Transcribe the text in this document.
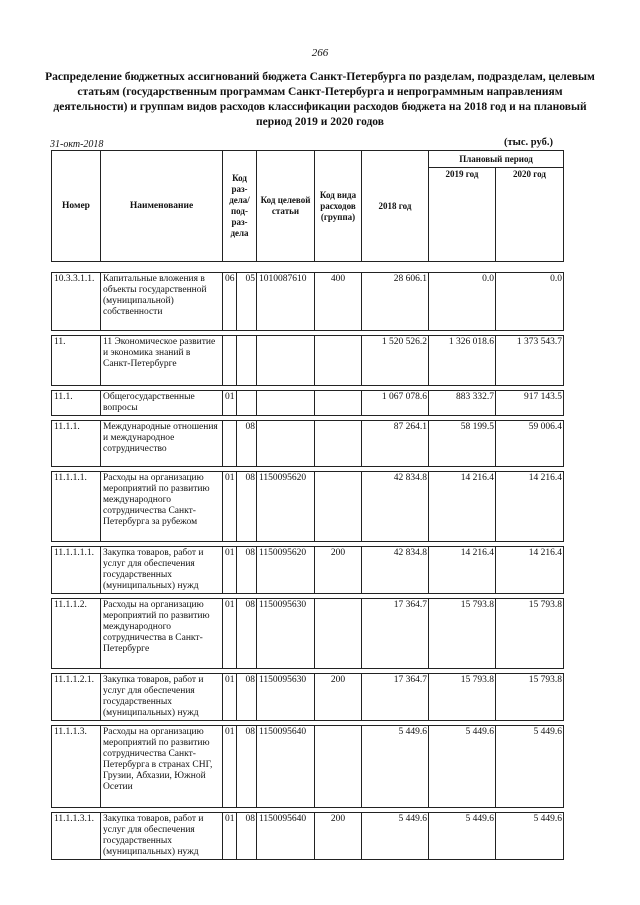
266
Распределение бюджетных ассигнований бюджета Санкт-Петербурга по разделам, подразделам, целевым статьям (государственным программам Санкт-Петербурга и непрограммным направлениям деятельности) и группам видов расходов классификации расходов бюджета на 2018 год и на плановый период 2019 и 2020 годов
31-окт-2018	(тыс. руб.)
Номер	Наименование	Код раз-дела/ под-раз-дела		Код целевой статьи	Код вида расходов (группа)	2018 год	Плановый период	
							2019 год	2020 год

10.3.3.1.1.	Капитальные вложения в объекты государственной (муниципальной) собственности	06	05	1010087610	400	28 606.1	0.0	0.0

11.	11 Экономическое развитие и экономика знаний в Санкт-Петербурге					1 520 526.2	1 326 018.6	1 373 543.7

11.1.	Общегосударственные вопросы	01				1 067 078.6	883 332.7	917 143.5

11.1.1.	Международные отношения и международное сотрудничество		08			87 264.1	58 199.5	59 006.4

11.1.1.1.	Расходы на организацию мероприятий по развитию международного сотрудничества Санкт-Петербурга за рубежом	01	08	1150095620		42 834.8	14 216.4	14 216.4

11.1.1.1.1.	Закупка товаров, работ и услуг для обеспечения государственных (муниципальных) нужд	01	08	1150095620	200	42 834.8	14 216.4	14 216.4

11.1.1.2.	Расходы на организацию мероприятий по развитию международного сотрудничества в Санкт-Петербурге	01	08	1150095630		17 364.7	15 793.8	15 793.8

11.1.1.2.1.	Закупка товаров, работ и услуг для обеспечения государственных (муниципальных) нужд	01	08	1150095630	200	17 364.7	15 793.8	15 793.8

11.1.1.3.	Расходы на организацию мероприятий по развитию сотрудничества Санкт-Петербурга в странах СНГ, Грузии, Абхазии, Южной Осетии	01	08	1150095640		5 449.6	5 449.6	5 449.6

11.1.1.3.1.	Закупка товаров, работ и услуг для обеспечения государственных (муниципальных) нужд	01	08	1150095640	200	5 449.6	5 449.6	5 449.6
